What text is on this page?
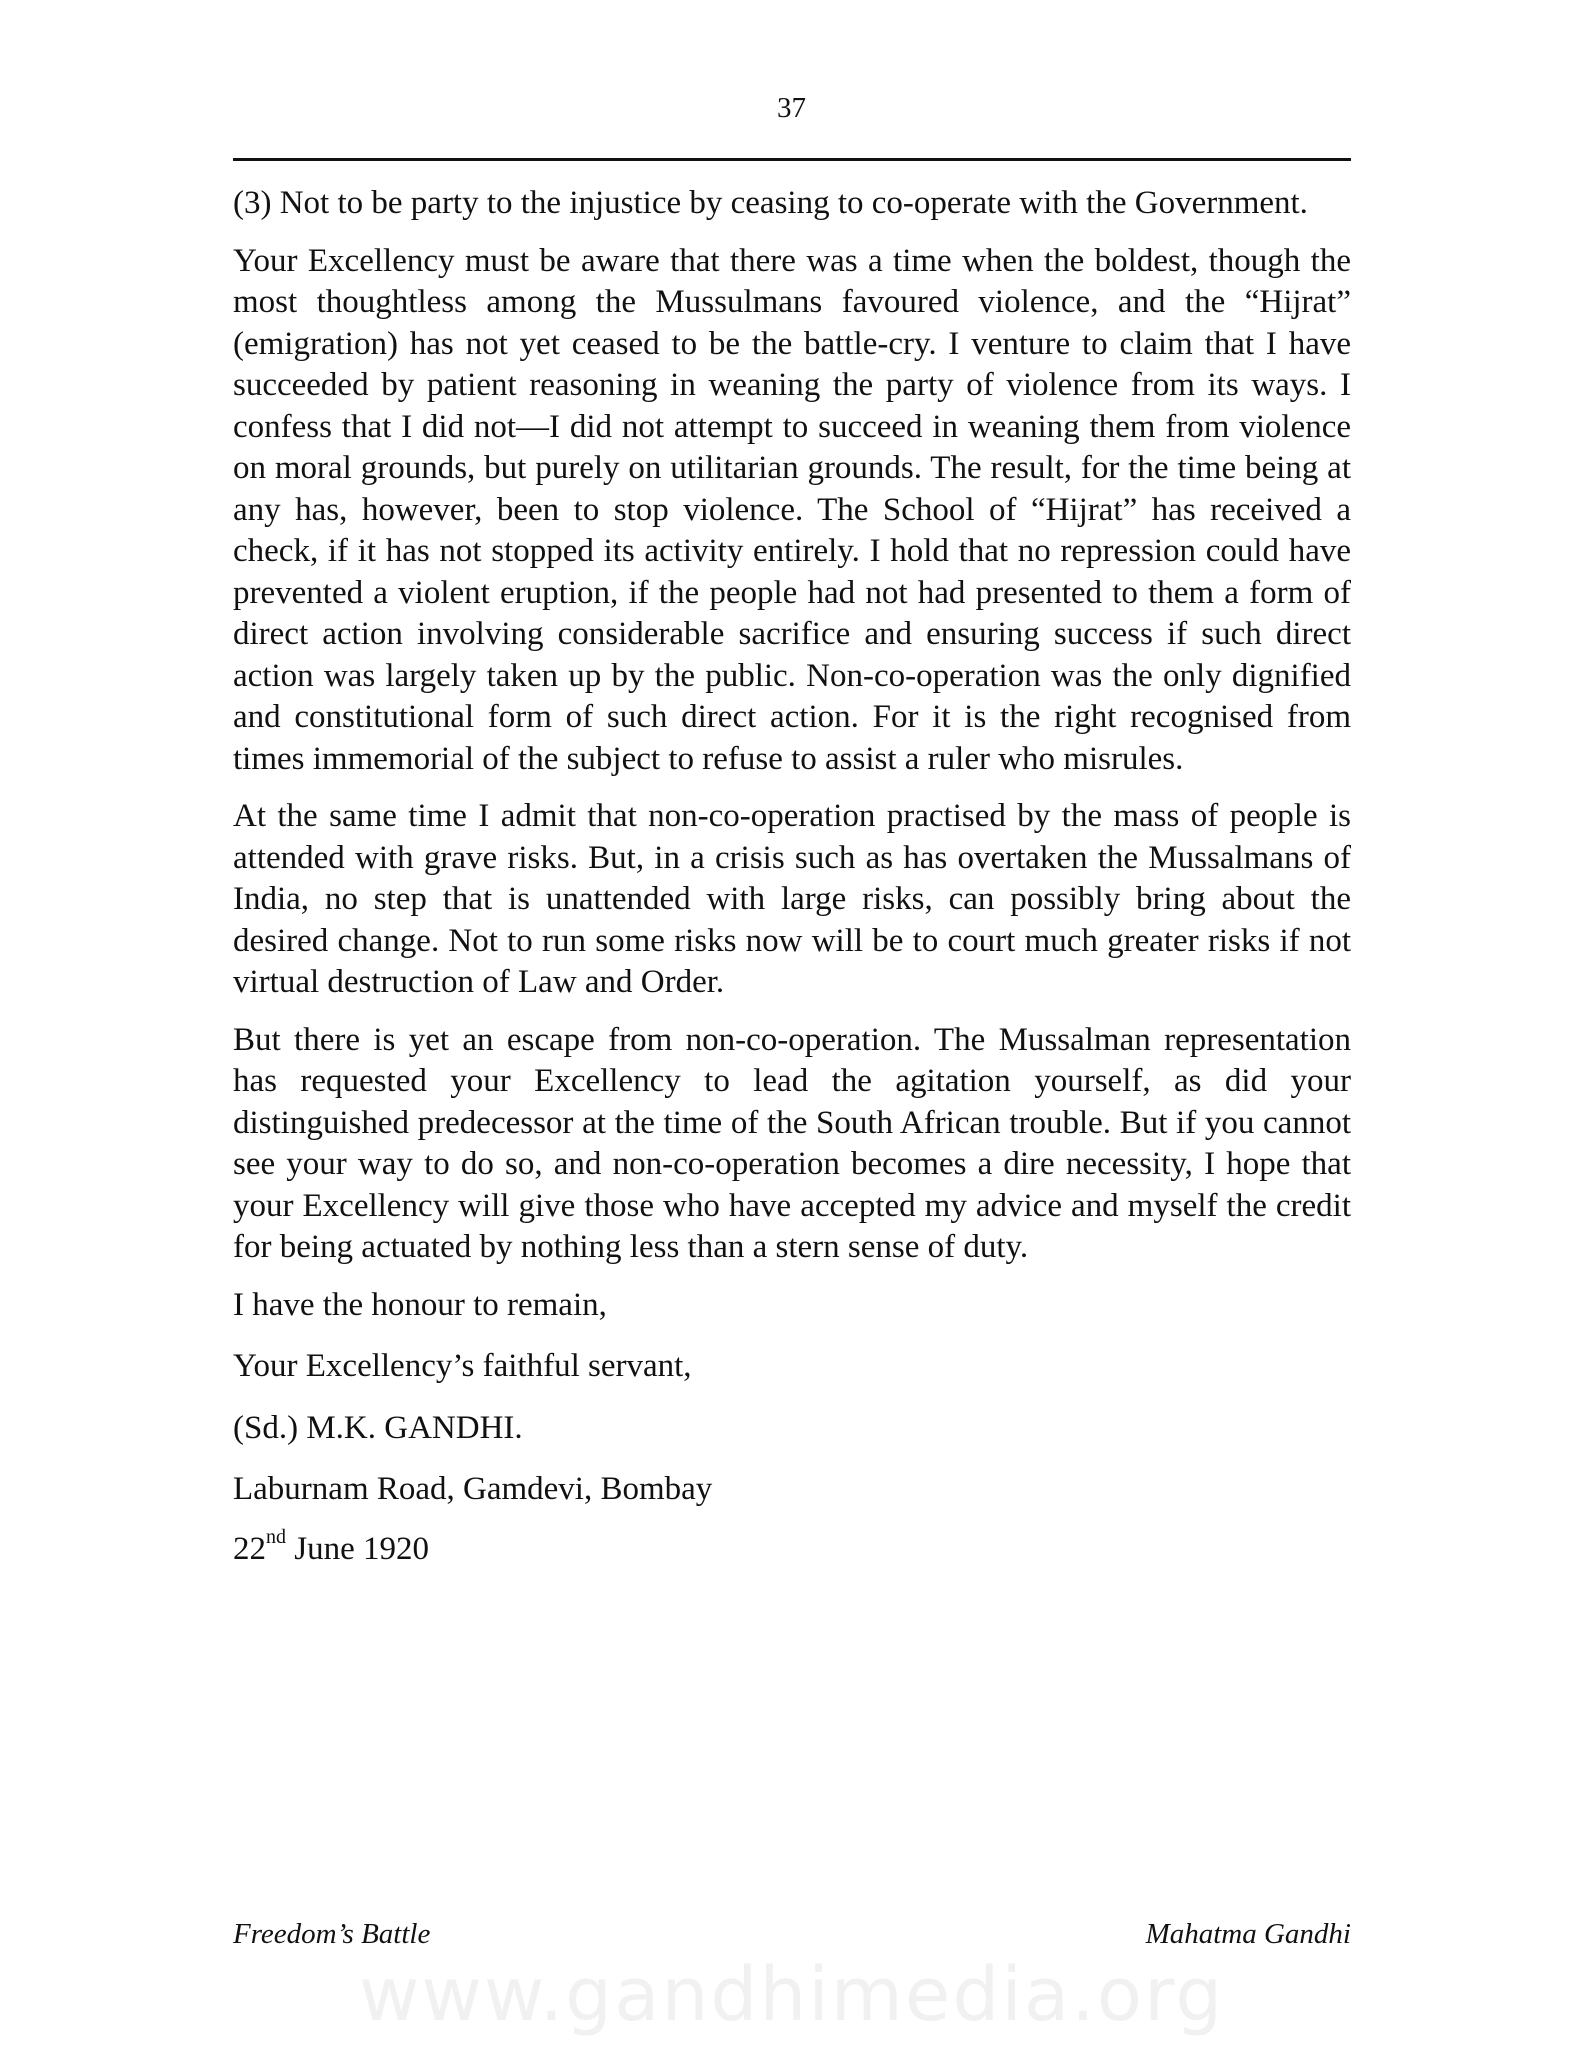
37

(3) Not to be party to the injustice by ceasing to co-operate with the Government.

Your Excellency must be aware that there was a time when the boldest, though the most thoughtless among the Mussulmans favoured violence, and the “Hijrat” (emigration) has not yet ceased to be the battle-cry. I venture to claim that I have succeeded by patient reasoning in weaning the party of violence from its ways. I confess that I did not—I did not attempt to succeed in weaning them from violence on moral grounds, but purely on utilitarian grounds. The result, for the time being at any has, however, been to stop violence. The School of “Hijrat” has received a check, if it has not stopped its activity entirely. I hold that no repression could have prevented a violent eruption, if the people had not had presented to them a form of direct action involving considerable sacrifice and ensuring success if such direct action was largely taken up by the public. Non-co-operation was the only dignified and constitutional form of such direct action. For it is the right recognised from times immemorial of the subject to refuse to assist a ruler who misrules.

At the same time I admit that non-co-operation practised by the mass of people is attended with grave risks. But, in a crisis such as has overtaken the Mussalmans of India, no step that is unattended with large risks, can possibly bring about the desired change. Not to run some risks now will be to court much greater risks if not virtual destruction of Law and Order.

But there is yet an escape from non-co-operation. The Mussalman representation has requested your Excellency to lead the agitation yourself, as did your distinguished predecessor at the time of the South African trouble. But if you cannot see your way to do so, and non-co-operation becomes a dire necessity, I hope that your Excellency will give those who have accepted my advice and myself the credit for being actuated by nothing less than a stern sense of duty.

I have the honour to remain,

Your Excellency’s faithful servant,

(Sd.) M.K. GANDHI.

Laburnam Road, Gamdevi, Bombay

22nd June 1920

Freedom’s Battle	Mahatma Gandhi
www.gandhimedia.org
